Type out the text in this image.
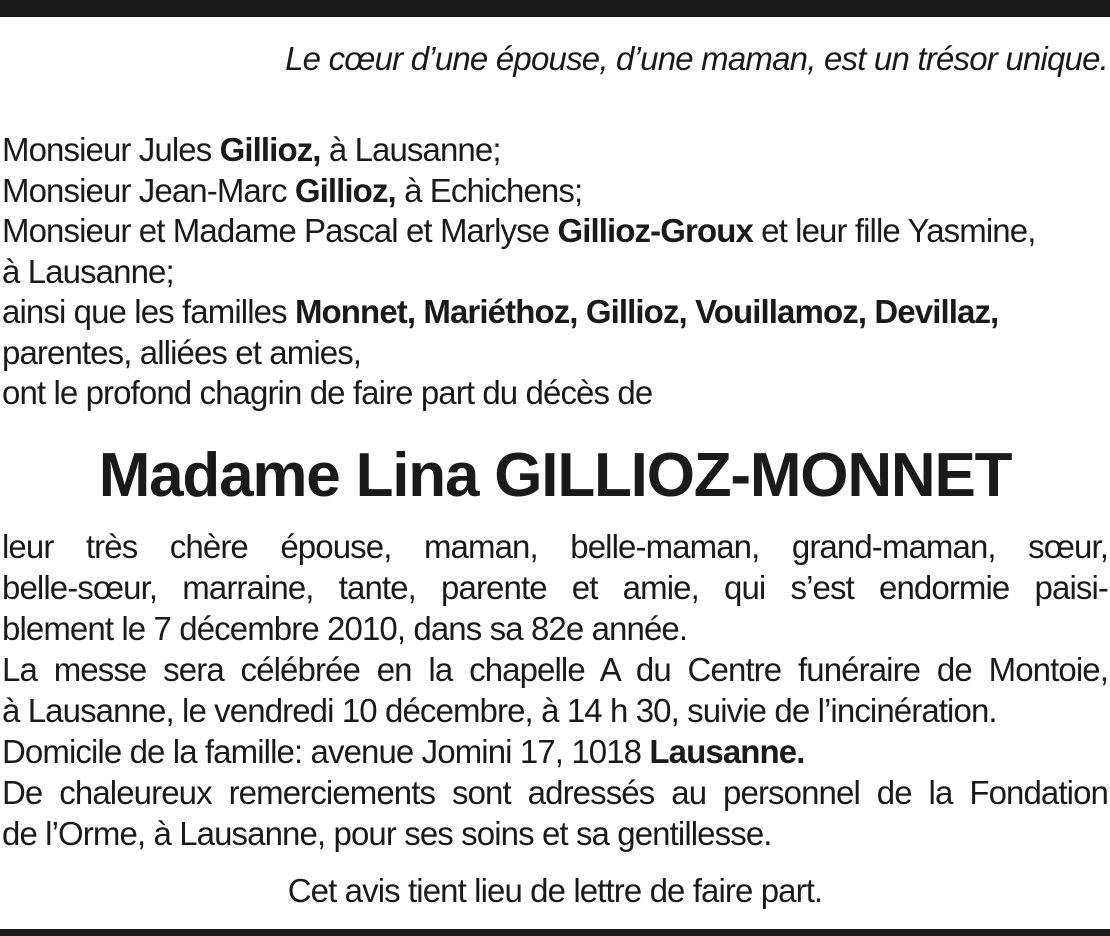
Le cœur d’une épouse, d’une maman, est un trésor unique.

Monsieur Jules Gillioz, à Lausanne;

Monsieur Jean-Marc Gillioz, à Echichens;

Monsieur et Madame Pascal et Marlyse Gillioz-Groux et leur fille Yasmine,

à Lausanne;

ainsi que les familles Monnet, Mariéthoz, Gillioz, Vouillamoz, Devillaz,

parentes, alliées et amies,

ont le profond chagrin de faire part du décès de

Madame Lina GILLIOZ-MONNET

leur très chère épouse, maman, belle-maman, grand-maman, sœur,

belle-sœur, marraine, tante, parente et amie, qui s’est endormie paisi-

blement le 7 décembre 2010, dans sa 82e année.

La messe sera célébrée en la chapelle A du Centre funéraire de Montoie,

à Lausanne, le vendredi 10 décembre, à 14 h 30, suivie de l’incinération.

Domicile de la famille: avenue Jomini 17, 1018 Lausanne.

De chaleureux remerciements sont adressés au personnel de la Fondation

de l’Orme, à Lausanne, pour ses soins et sa gentillesse.

Cet avis tient lieu de lettre de faire part.
